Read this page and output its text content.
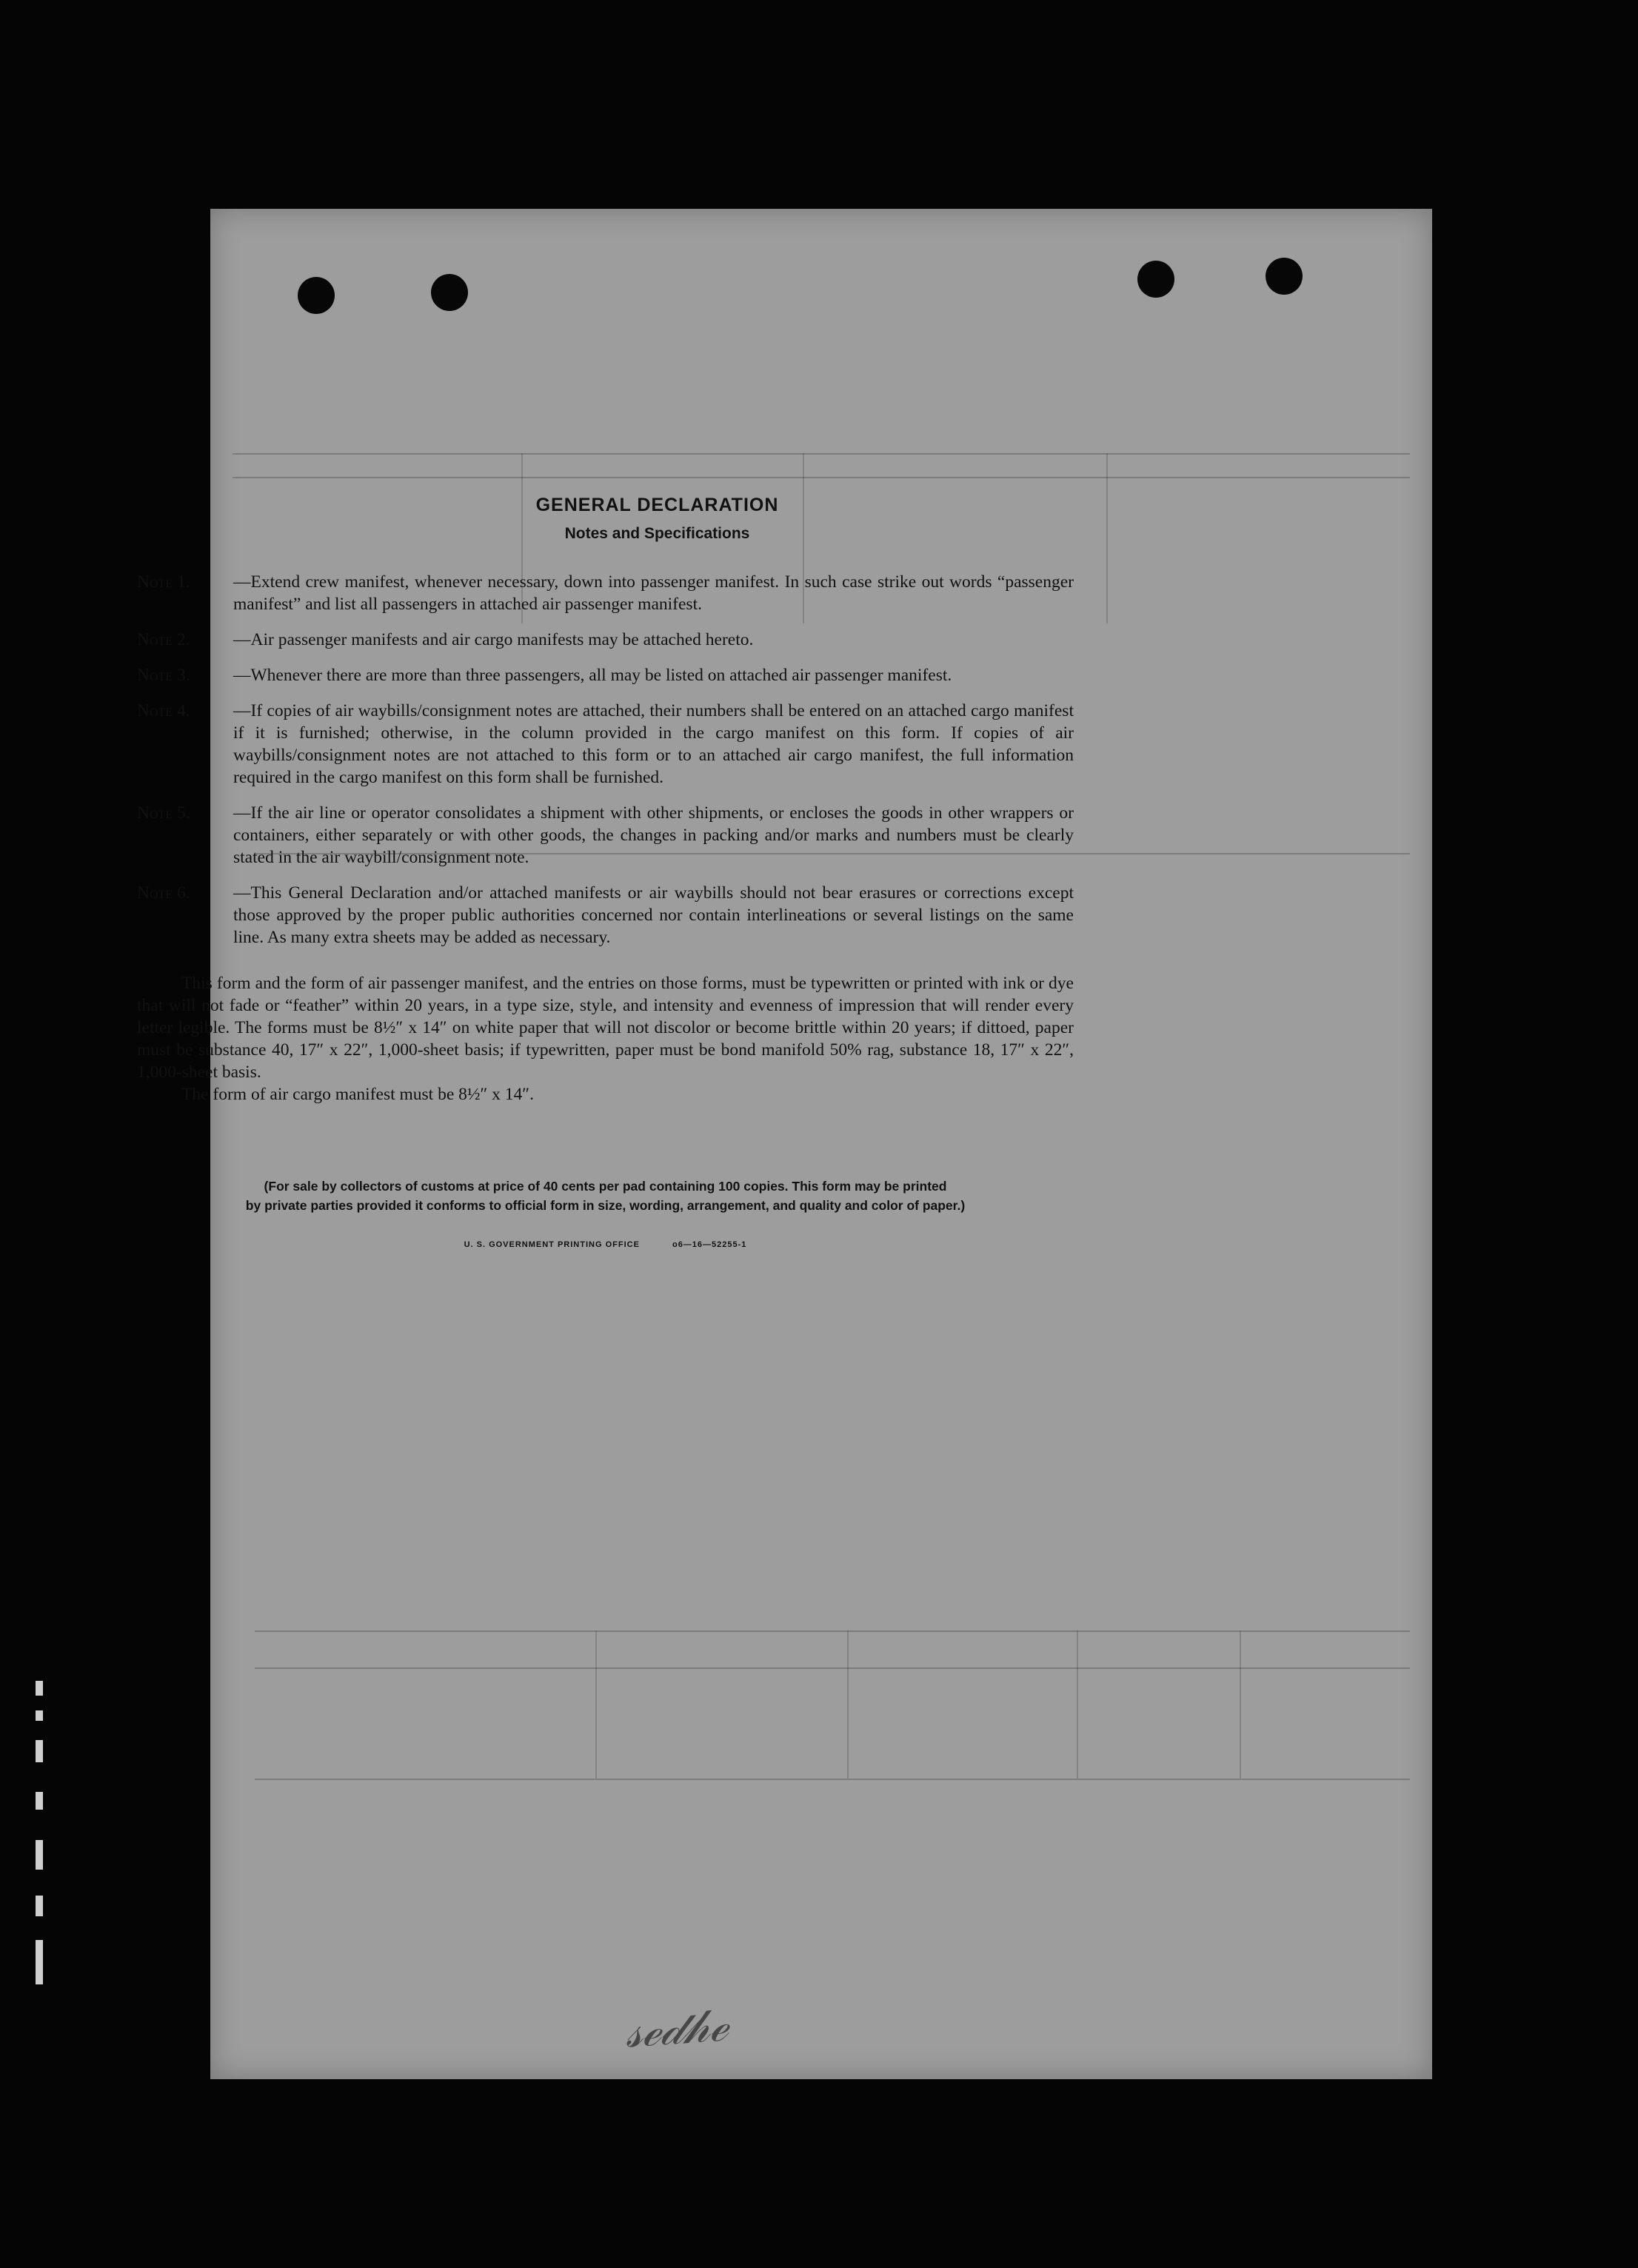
𝓈ℯ𝒹𝒽ℯ
GENERAL DECLARATION
Notes and Specifications
Note 1.	—Extend crew manifest, whenever necessary, down into passenger manifest. In such case strike out words “passenger manifest” and list all passengers in attached air passenger manifest.
Note 2.	—Air passenger manifests and air cargo manifests may be attached hereto.
Note 3.	—Whenever there are more than three passengers, all may be listed on attached air passenger manifest.
Note 4.	—If copies of air waybills/consignment notes are attached, their numbers shall be entered on an attached cargo manifest if it is furnished; otherwise, in the column provided in the cargo manifest on this form. If copies of air waybills/consignment notes are not attached to this form or to an attached air cargo manifest, the full information required in the cargo manifest on this form shall be furnished.
Note 5.	—If the air line or operator consolidates a shipment with other shipments, or encloses the goods in other wrappers or containers, either separately or with other goods, the changes in packing and/or marks and numbers must be clearly stated in the air waybill/consignment note.
Note 6.	—This General Declaration and/or attached manifests or air waybills should not bear erasures or corrections except those approved by the proper public authorities concerned nor contain interlineations or several listings on the same line. As many extra sheets may be added as necessary.
This form and the form of air passenger manifest, and the entries on those forms, must be typewritten or printed with ink or dye that will not fade or “feather” within 20 years, in a type size, style, and intensity and evenness of impression that will render every letter legible. The forms must be 8½″ x 14″ on white paper that will not discolor or become brittle within 20 years; if dittoed, paper must be substance 40, 17″ x 22″, 1,000-sheet basis; if typewritten, paper must be bond manifold 50% rag, substance 18, 17″ x 22″, 1,000-sheet basis.
The form of air cargo manifest must be 8½″ x 14″.
(For sale by collectors of customs at price of 40 cents per pad containing 100 copies. This form may be printed
by private parties provided it conforms to official form in size, wording, arrangement, and quality and color of paper.)
U. S. GOVERNMENT PRINTING OFFICE	o6—16—52255-1
